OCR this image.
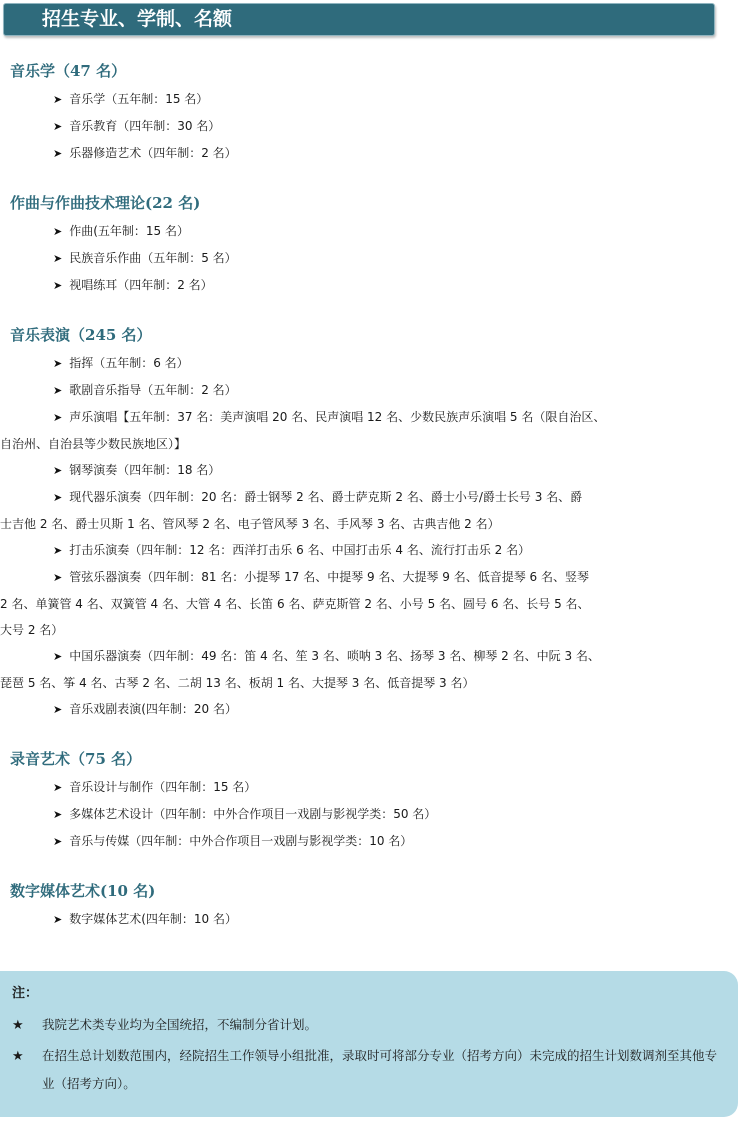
招生专业、学制、名额
音乐学（47 名）
➤ 音乐学（五年制：15 名）
➤ 音乐教育（四年制：30 名）
➤ 乐器修造艺术（四年制：2 名）
作曲与作曲技术理论(22 名)
➤ 作曲(五年制：15 名）
➤ 民族音乐作曲（五年制：5 名）
➤ 视唱练耳（四年制：2 名）
音乐表演（245 名）
➤ 指挥（五年制：6 名）
➤ 歌剧音乐指导（五年制：2 名）
➤ 声乐演唱【五年制：37 名：美声演唱 20 名、民声演唱 12 名、少数民族声乐演唱 5 名（限自治区、
自治州、自治县等少数民族地区）】
➤ 钢琴演奏（四年制：18 名）
➤ 现代器乐演奏（四年制：20 名：爵士钢琴 2 名、爵士萨克斯 2 名、爵士小号/爵士长号 3 名、爵
士吉他 2 名、爵士贝斯 1 名、管风琴 2 名、电子管风琴 3 名、手风琴 3 名、古典吉他 2 名）
➤ 打击乐演奏（四年制：12 名：西洋打击乐 6 名、中国打击乐 4 名、流行打击乐 2 名）
➤ 管弦乐器演奏（四年制：81 名：小提琴 17 名、中提琴 9 名、大提琴 9 名、低音提琴 6 名、竖琴
2 名、单簧管 4 名、双簧管 4 名、大管 4 名、长笛 6 名、萨克斯管 2 名、小号 5 名、圆号 6 名、长号 5 名、
大号 2 名）
➤ 中国乐器演奏（四年制：49 名：笛 4 名、笙 3 名、唢呐 3 名、扬琴 3 名、柳琴 2 名、中阮 3 名、
琵琶 5 名、筝 4 名、古琴 2 名、二胡 13 名、板胡 1 名、大提琴 3 名、低音提琴 3 名）
➤ 音乐戏剧表演(四年制：20 名）
录音艺术（75 名）
➤ 音乐设计与制作（四年制：15 名）
➤ 多媒体艺术设计（四年制：中外合作项目一戏剧与影视学类：50 名）
➤ 音乐与传媒（四年制：中外合作项目一戏剧与影视学类：10 名）
数字媒体艺术(10 名)
➤ 数字媒体艺术(四年制：10 名）
注：
★ 我院艺术类专业均为全国统招，不编制分省计划。
★ 在招生总计划数范围内，经院招生工作领导小组批准，录取时可将部分专业（招考方向）未完成的招生计划数调剂至其他专业（招考方向）。
